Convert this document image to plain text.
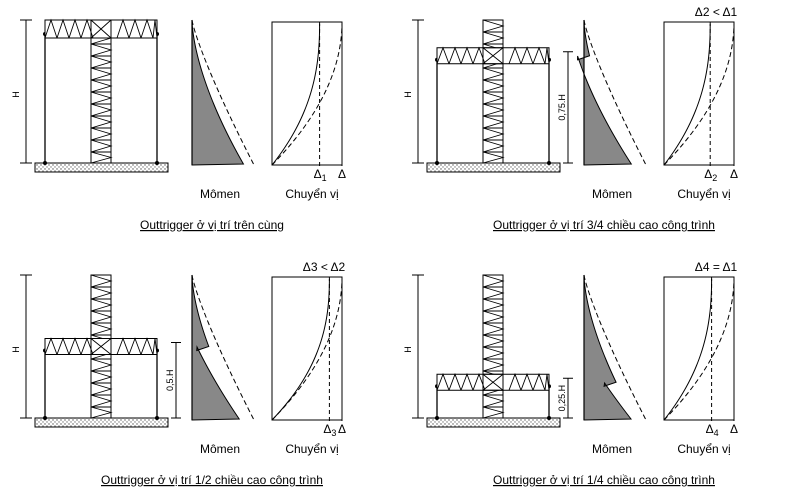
H
Mômen
$\Delta_1$ Δ
Chuyển vị
Outtrigger ở vị trí trên cùng
H	0,75.H
Mômen
$\Delta_2$ Δ
Chuyển vị
Δ2 < Δ1
Outtrigger ở vị trí 3/4 chiều cao công trình
H
0,5.H
Mômen
$\Delta_3$ Δ
Chuyển vị
Δ3 < Δ2
Outtrigger ở vị trí 1/2 chiều cao công trình
H
0,25.H
Mômen
$\Delta_4$ Δ
Chuyển vị
Δ4 = Δ1
Outtrigger ở vị trí 1/4 chiều cao công trình
